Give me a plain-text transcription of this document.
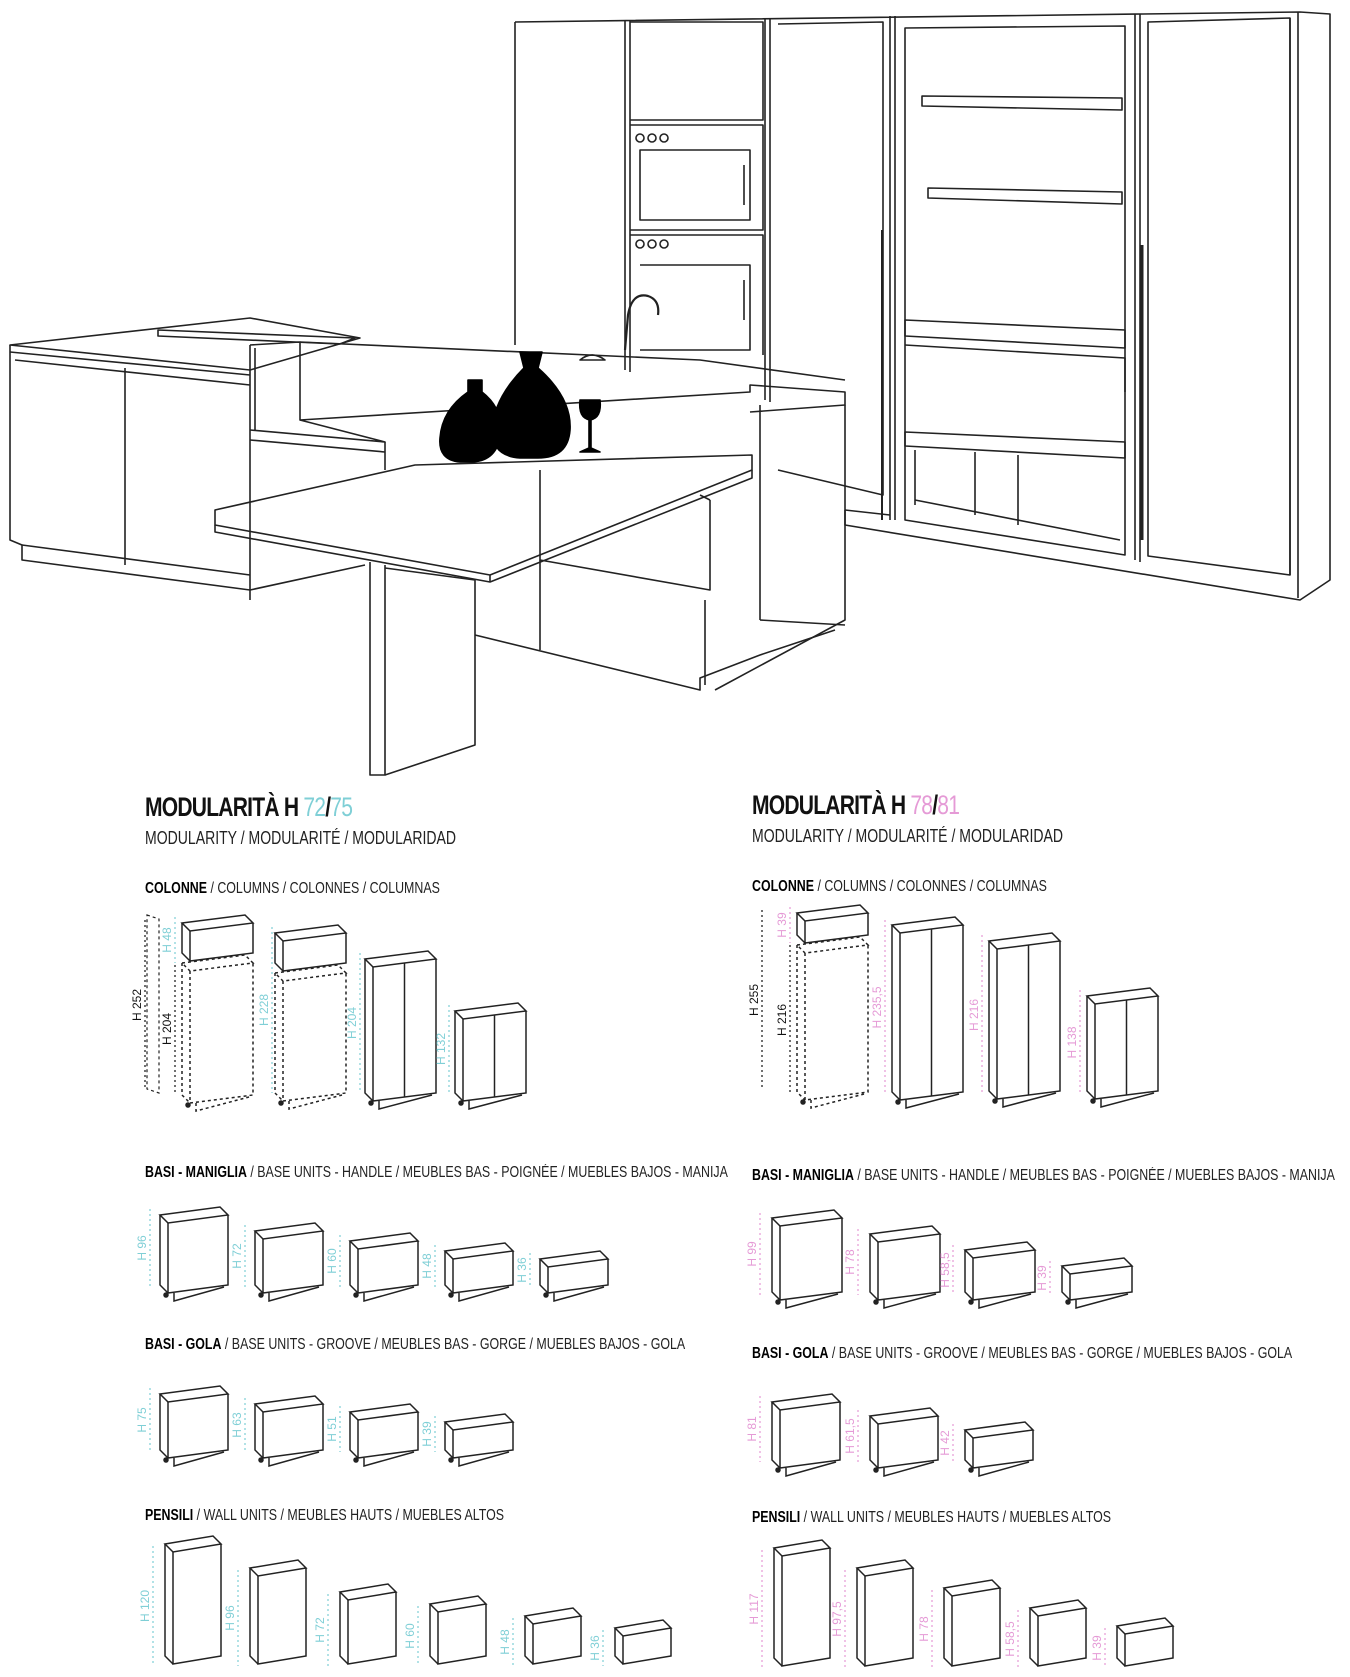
MODULARITÀ H 72/75
MODULARITY / MODULARITÉ / MODULARIDAD
COLONNE / COLUMNS / COLONNES / COLUMNAS
H 252
H 204
H 48
H 228	H 204
H 132
BASI - MANIGLIA / BASE UNITS - HANDLE / MEUBLES BAS - POIGNÉE / MUEBLES BAJOS - MANIJA
H 96	H 72	H 60	H 48	H 36
BASI - GOLA / BASE UNITS - GROOVE / MEUBLES BAS - GORGE / MUEBLES BAJOS - GOLA
H 75	H 63	H 51	H 39
PENSILI / WALL UNITS / MEUBLES HAUTS / MUEBLES ALTOS
H 120	H 96	H 72	H 60	H 48	H 36
MODULARITÀ H 78/81
MODULARITY / MODULARITÉ / MODULARIDAD
COLONNE / COLUMNS / COLONNES / COLUMNAS
H 255
H 216
H 39
H 235,5	H 216
H 138
BASI - MANIGLIA / BASE UNITS - HANDLE / MEUBLES BAS - POIGNÉE / MUEBLES BAJOS - MANIJA
H 99	H 78	H 58,5	H 39
BASI - GOLA / BASE UNITS - GROOVE / MEUBLES BAS - GORGE / MUEBLES BAJOS - GOLA
H 81	H 61,5	H 42
PENSILI / WALL UNITS / MEUBLES HAUTS / MUEBLES ALTOS
H 117	H 97,5	H 78	H 58,5	H 39
